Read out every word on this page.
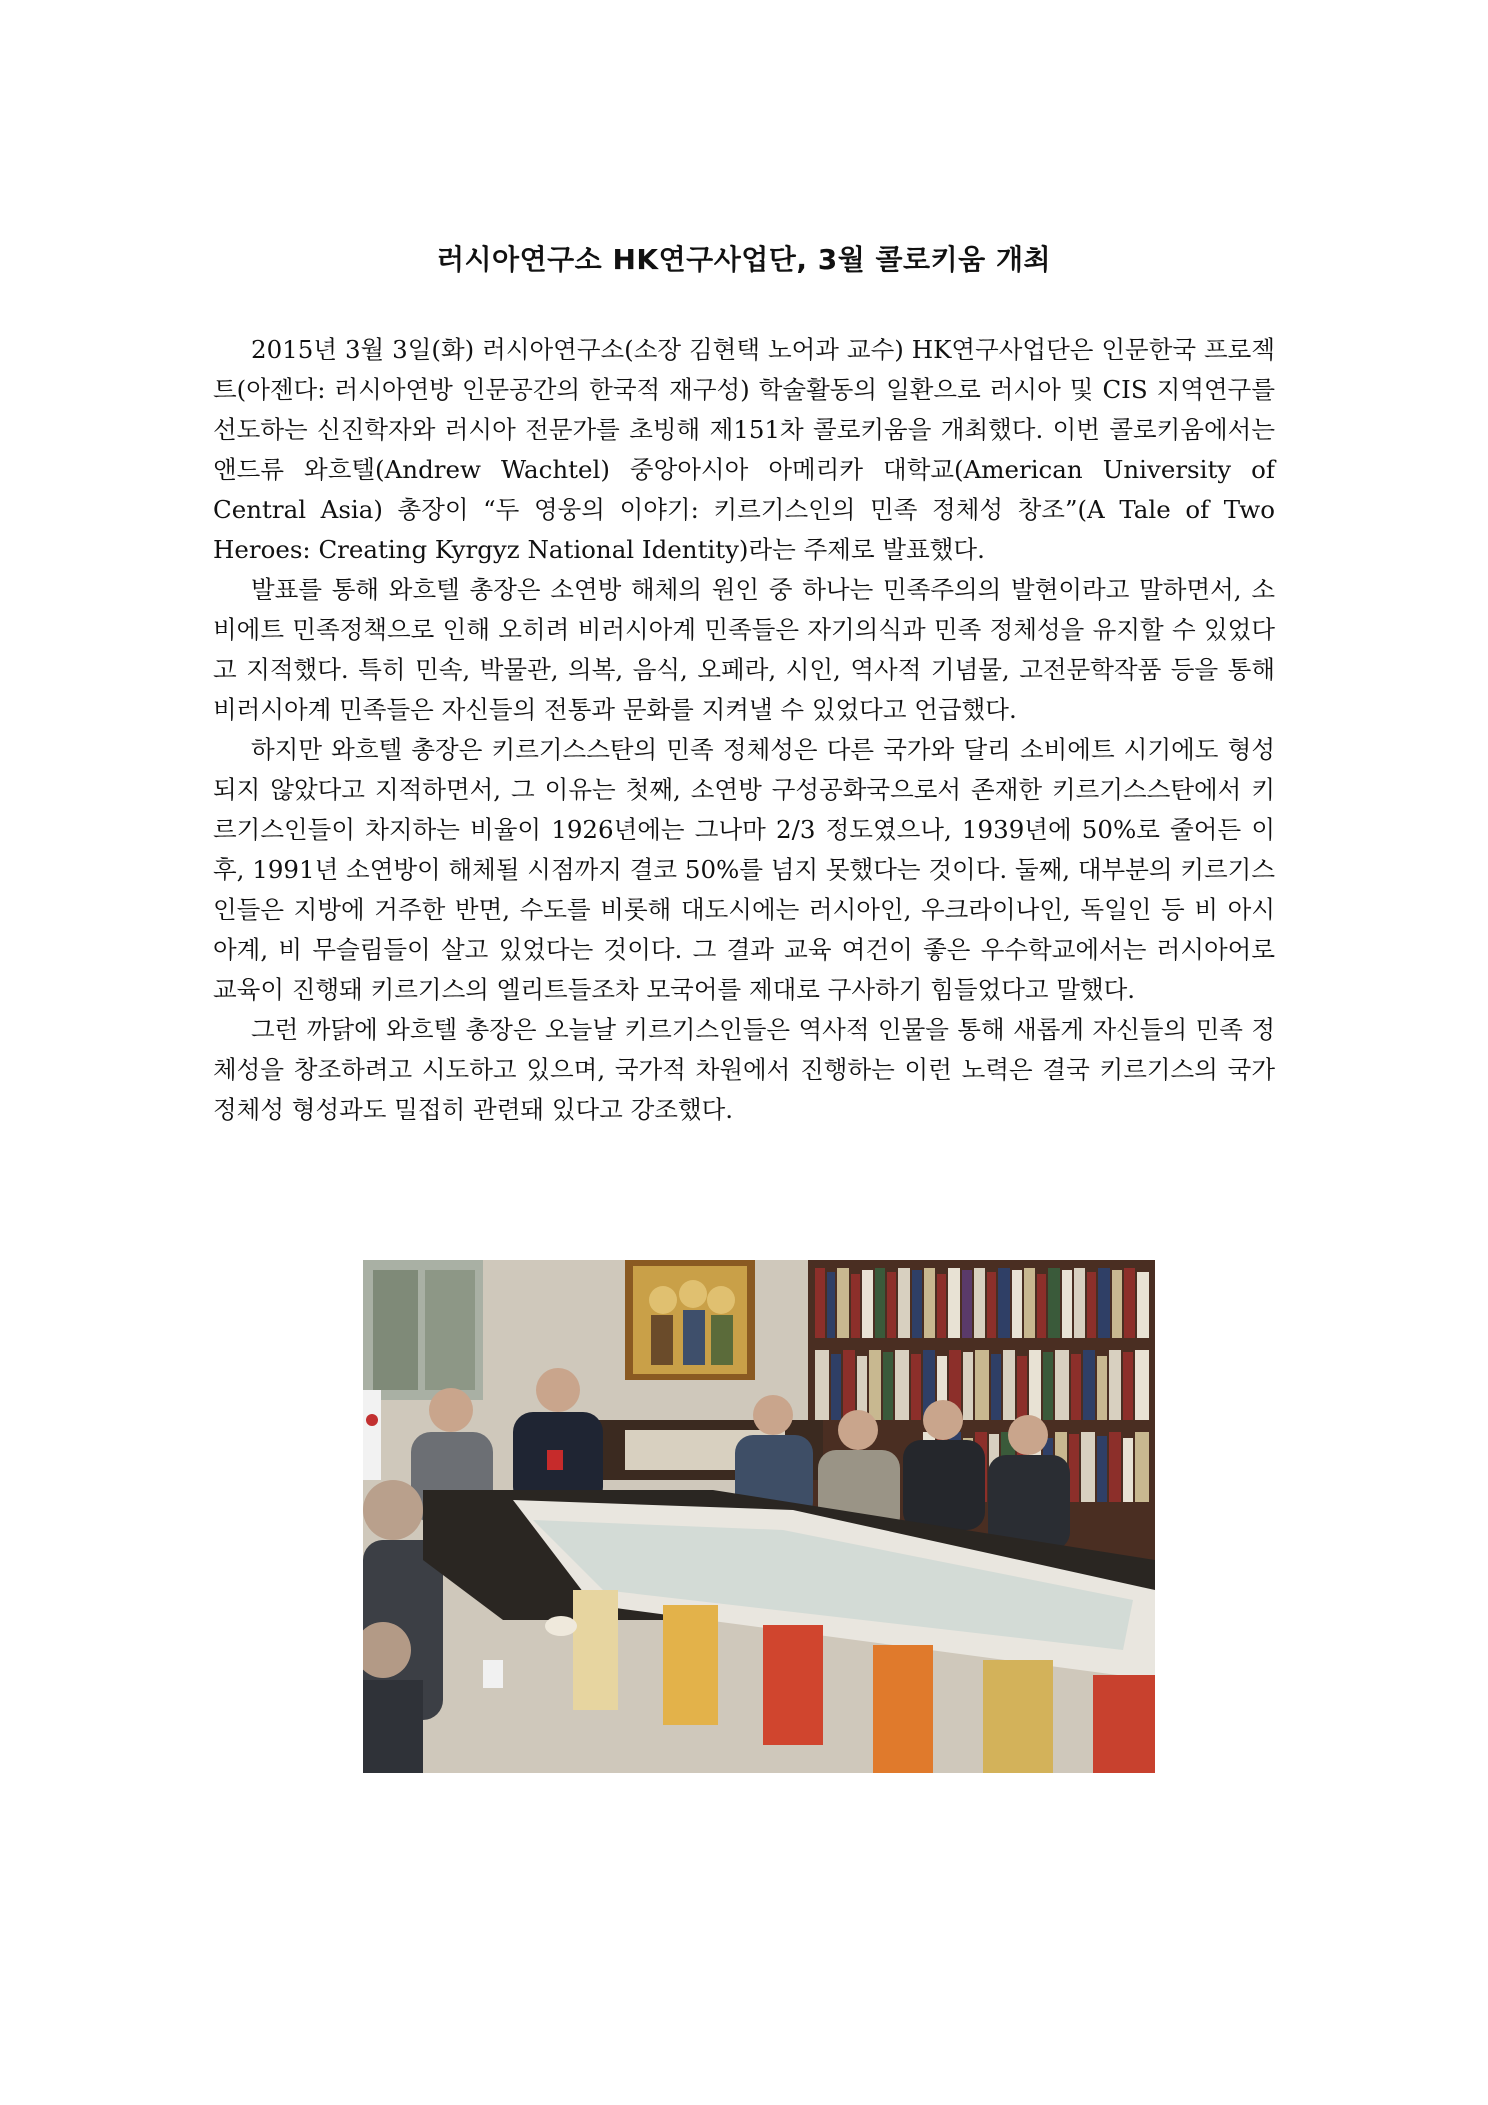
러시아연구소 HK연구사업단, 3월 콜로키움 개최

2015년 3월 3일(화) 러시아연구소(소장 김현택 노어과 교수) HK연구사업단은 인문한국 프로젝트(아젠다: 러시아연방 인문공간의 한국적 재구성) 학술활동의 일환으로 러시아 및 CIS 지역연구를 선도하는 신진학자와 러시아 전문가를 초빙해 제151차 콜로키움을 개최했다. 이번 콜로키움에서는 앤드류 와흐텔(Andrew Wachtel) 중앙아시아 아메리카 대학교(American University of Central Asia) 총장이 “두 영웅의 이야기: 키르기스인의 민족 정체성 창조”(A Tale of Two Heroes: Creating Kyrgyz National Identity)라는 주제로 발표했다.

발표를 통해 와흐텔 총장은 소연방 해체의 원인 중 하나는 민족주의의 발현이라고 말하면서, 소비에트 민족정책으로 인해 오히려 비러시아계 민족들은 자기의식과 민족 정체성을 유지할 수 있었다고 지적했다. 특히 민속, 박물관, 의복, 음식, 오페라, 시인, 역사적 기념물, 고전문학작품 등을 통해 비러시아계 민족들은 자신들의 전통과 문화를 지켜낼 수 있었다고 언급했다.

하지만 와흐텔 총장은 키르기스스탄의 민족 정체성은 다른 국가와 달리 소비에트 시기에도 형성되지 않았다고 지적하면서, 그 이유는 첫째, 소연방 구성공화국으로서 존재한 키르기스스탄에서 키르기스인들이 차지하는 비율이 1926년에는 그나마 2/3 정도였으나, 1939년에 50%로 줄어든 이후, 1991년 소연방이 해체될 시점까지 결코 50%를 넘지 못했다는 것이다. 둘째, 대부분의 키르기스인들은 지방에 거주한 반면, 수도를 비롯해 대도시에는 러시아인, 우크라이나인, 독일인 등 비 아시아계, 비 무슬림들이 살고 있었다는 것이다. 그 결과 교육 여건이 좋은 우수학교에서는 러시아어로 교육이 진행돼 키르기스의 엘리트들조차 모국어를 제대로 구사하기 힘들었다고 말했다.

그런 까닭에 와흐텔 총장은 오늘날 키르기스인들은 역사적 인물을 통해 새롭게 자신들의 민족 정체성을 창조하려고 시도하고 있으며, 국가적 차원에서 진행하는 이런 노력은 결국 키르기스의 국가 정체성 형성과도 밀접히 관련돼 있다고 강조했다.
